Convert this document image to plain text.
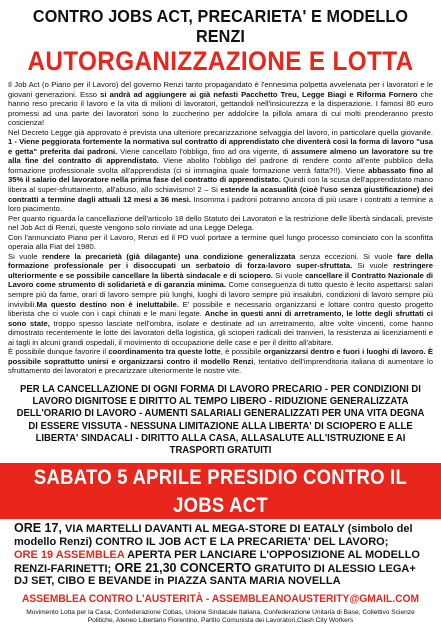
CONTRO JOBS ACT, PRECARIETA' E MODELLO RENZI
AUTORGANIZZAZIONE E LOTTA

Il Job Act (o Piano per il Lavoro) del governo Renzi tanto propagandato è l'ennesima polpetta avvelenata per i lavoratori e le giovani generazioni. Esso si andrà ad aggiungere ai già nefasti Pacchetto Treu, Legge Biagi e Riforma Fornero che hanno reso precario il lavoro e la vita di milioni di lavoratori, gettandoli nell'insicurezza e la disperazione. I famosi 80 euro promessi ad una parte dei lavoratori sono lo zuccherino per addolcire la pillola amara di cui molti prenderanno presto coscienza!

Nel Decreto Legge già approvato è prevista una ulteriore precarizzazione selvaggia del lavoro, in particolare quella giovanile. 1 - Viene peggiorata fortemente la normativa sul contratto di apprendistato che diventerà così la forma di lavoro "usa e getta" preferita dai padroni. Viene cancellato l'obbligo, fino ad ora vigente, di assumere almeno un lavoratore su tre alla fine del contratto di apprendistato. Viene abolito l'obbligo del padrone di rendere conto all'ente pubblico della formazione professionale svolta all'apprendista (ci si immagina quale formazione verrà fatta?!!). Viene abbassato fino al 35% il salario del lavoratore nella prima fase del contratto di apprendistato. Quindi con la scusa dell'apprendistato mano libera al super-sfruttamento, all'abuso, allo schiavismo! 2 – Si estende la acasualità (cioè l'uso senza giustificazione) dei contratti a termine dagli attuali 12 mesi a 36 mesi. Insomma i padroni potranno ancora di più usare i contratti a termine a loro piacimento.

Per quanto riguarda la cancellazione dell'articolo 18 dello Statuto dei Lavoratori e la restrizione delle libertà sindacali, previste nel Job Act di Renzi, queste vengono solo rinviate ad una Legge Delega.

Con l'annunciato Piano per il Lavoro, Renzi ed il PD vuol portare a termine quel lungo processo cominciato con la sconfitta operaia alla Fiat del 1980.

Si vuole rendere la precarietà (già dilagante) una condizione generalizzata senza eccezioni. Si vuole fare della formazione professionale per i disoccupati un serbatoio di forza-lavoro super-sfruttata. Si vuole restringere ulteriormente e se possibile cancellare la libertà sindacale e di sciopero. Si vuole cancellare il Contratto Nazionale di Lavoro come strumento di solidarietà e di garanzia minima. Come conseguenza di tutto questo è lecito aspettarsi: salari sempre più da fame, orari di lavoro sempre più lunghi, luoghi di lavoro sempre più insalubri, condizioni di lavoro sempre più invivibili.Ma questo destino non è ineluttabile. E' possibile e necessario organizzarsi e lottare contro questo progetto liberista che ci vuole con i capi chinati e le mani legate. Anche in questi anni di arretramento, le lotte degli sfruttati ci sono state, troppo spesso lasciate nell'ombra, isolate e destinate ad un arretramento, altre volte vincenti, come hanno dimostrato recentemente le lotte dei lavoratori della logistica, gli scioperi radicali dei tranvieri, la resistenza ai licenziamenti e ai tagli in alcuni grandi ospedali, il movimento di occupazione delle case e per il diritto all'abitare.

È possibile dunque favorire il coordinamento tra queste lotte, è possibile organizzarsi dentro e fuori i luoghi di lavoro. È possibile soprattutto unirsi e organizzarsi contro il modello Renzi, tentativo dell'imprenditoria italiana di aumentare lo sfruttamento dei lavoratori e precarizzare ulteriormente le nostre vite.

PER LA CANCELLAZIONE DI OGNI FORMA DI LAVORO PRECARIO - PER CONDIZIONI DI LAVORO DIGNITOSE E DIRITTO AL TEMPO LIBERO - RIDUZIONE GENERALIZZATA DELL'ORARIO DI LAVORO - AUMENTI SALARIALI GENERALIZZATI PER UNA VITA DEGNA DI ESSERE VISSUTA - NESSUNA LIMITAZIONE ALLA LIBERTA' DI SCIOPERO E ALLE LIBERTA' SINDACALI - DIRITTO ALLA CASA, ALLASALUTE ALL'ISTRUZIONE E AI TRASPORTI GRATUITI
SABATO 5 APRILE PRESIDIO CONTRO IL JOBS ACT

ORE 17, VIA MARTELLI DAVANTI AL MEGA-STORE DI EATALY (simbolo del modello Renzi) CONTRO IL JOB ACT E LA PRECARIETA' DEL LAVORO;

ORE 19 ASSEMBLEA APERTA PER LANCIARE L'OPPOSIZIONE AL MODELLO RENZI-FARINETTI; ORE 21,30 CONCERTO GRATUITO DI ALESSIO LEGA+ DJ SET, CIBO E BEVANDE in PIAZZA SANTA MARIA NOVELLA

ASSEMBLEA CONTRO L'AUSTERITÀ - ASSEMBLEANOAUSTERITY@GMAIL.COM
Movimento Lotta per la Casa, Confederazione Cobas, Unione Sindacale Italiana, Confederazione Unitaria di Base, Collettivo Scienze Politiche, Ateneo Libertario Fiorentino, Partito Comunista dei Lavoratori,Clash City Workers
